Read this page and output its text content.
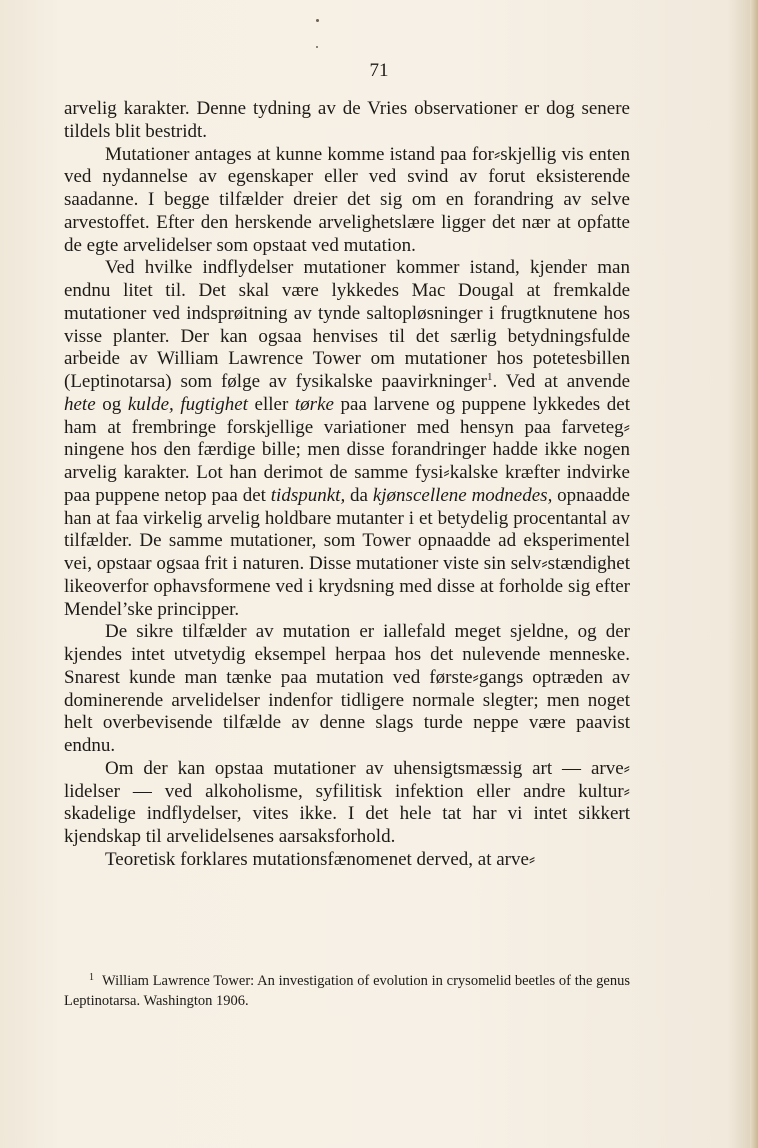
71

arvelig karakter. Denne tydning av de Vries observationer er dog senere tildels blit bestridt.

Mutationer antages at kunne komme istand paa for⸗skjellig vis enten ved nydannelse av egenskaper eller ved svind av forut eksisterende saadanne. I begge tilfælder dreier det sig om en forandring av selve arvestoffet. Efter den herskende arvelighetslære ligger det nær at opfatte de egte arvelidelser som opstaat ved mutation.

Ved hvilke indflydelser mutationer kommer istand, kjender man endnu litet til. Det skal være lykkedes Mac Dougal at fremkalde mutationer ved indsprøitning av tynde saltopløsninger i frugtknutene hos visse planter. Der kan ogsaa henvises til det særlig betydningsfulde arbeide av William Lawrence Tower om mutationer hos potetesbillen (Leptinotarsa) som følge av fysikalske paavirkninger$^1$. Ved at anvende hete og kulde, fugtighet eller tørke paa larvene og puppene lykkedes det ham at frembringe forskjellige variationer med hensyn paa farveteg⸗ningene hos den færdige bille; men disse forandringer hadde ikke nogen arvelig karakter. Lot han derimot de samme fysi⸗kalske kræfter indvirke paa puppene netop paa det tidspunkt, da kjønscellene modnedes, opnaadde han at faa virkelig arvelig holdbare mutanter i et betydelig procentantal av tilfælder. De samme mutationer, som Tower opnaadde ad eksperimentel vei, opstaar ogsaa frit i naturen. Disse mutationer viste sin selv⸗stændighet likeoverfor ophavsformene ved i krydsning med disse at forholde sig efter Mendel’ske principper.

De sikre tilfælder av mutation er iallefald meget sjeldne, og der kjendes intet utvetydig eksempel herpaa hos det nulevende menneske. Snarest kunde man tænke paa mutation ved første⸗gangs optræden av dominerende arvelidelser indenfor tidligere normale slegter; men noget helt overbevisende tilfælde av denne slags turde neppe være paavist endnu.

Om der kan opstaa mutationer av uhensigtsmæssig art — arve⸗lidelser — ved alkoholisme, syfilitisk infektion eller andre kultur⸗skadelige indflydelser, vites ikke. I det hele tat har vi intet sikkert kjendskap til arvelidelsenes aarsaksforhold.

Teoretisk forklares mutationsfænomenet derved, at arve⸗

$^1$ William Lawrence Tower: An investigation of evolution in crysomelid beetles of the genus Leptinotarsa. Washington 1906.
